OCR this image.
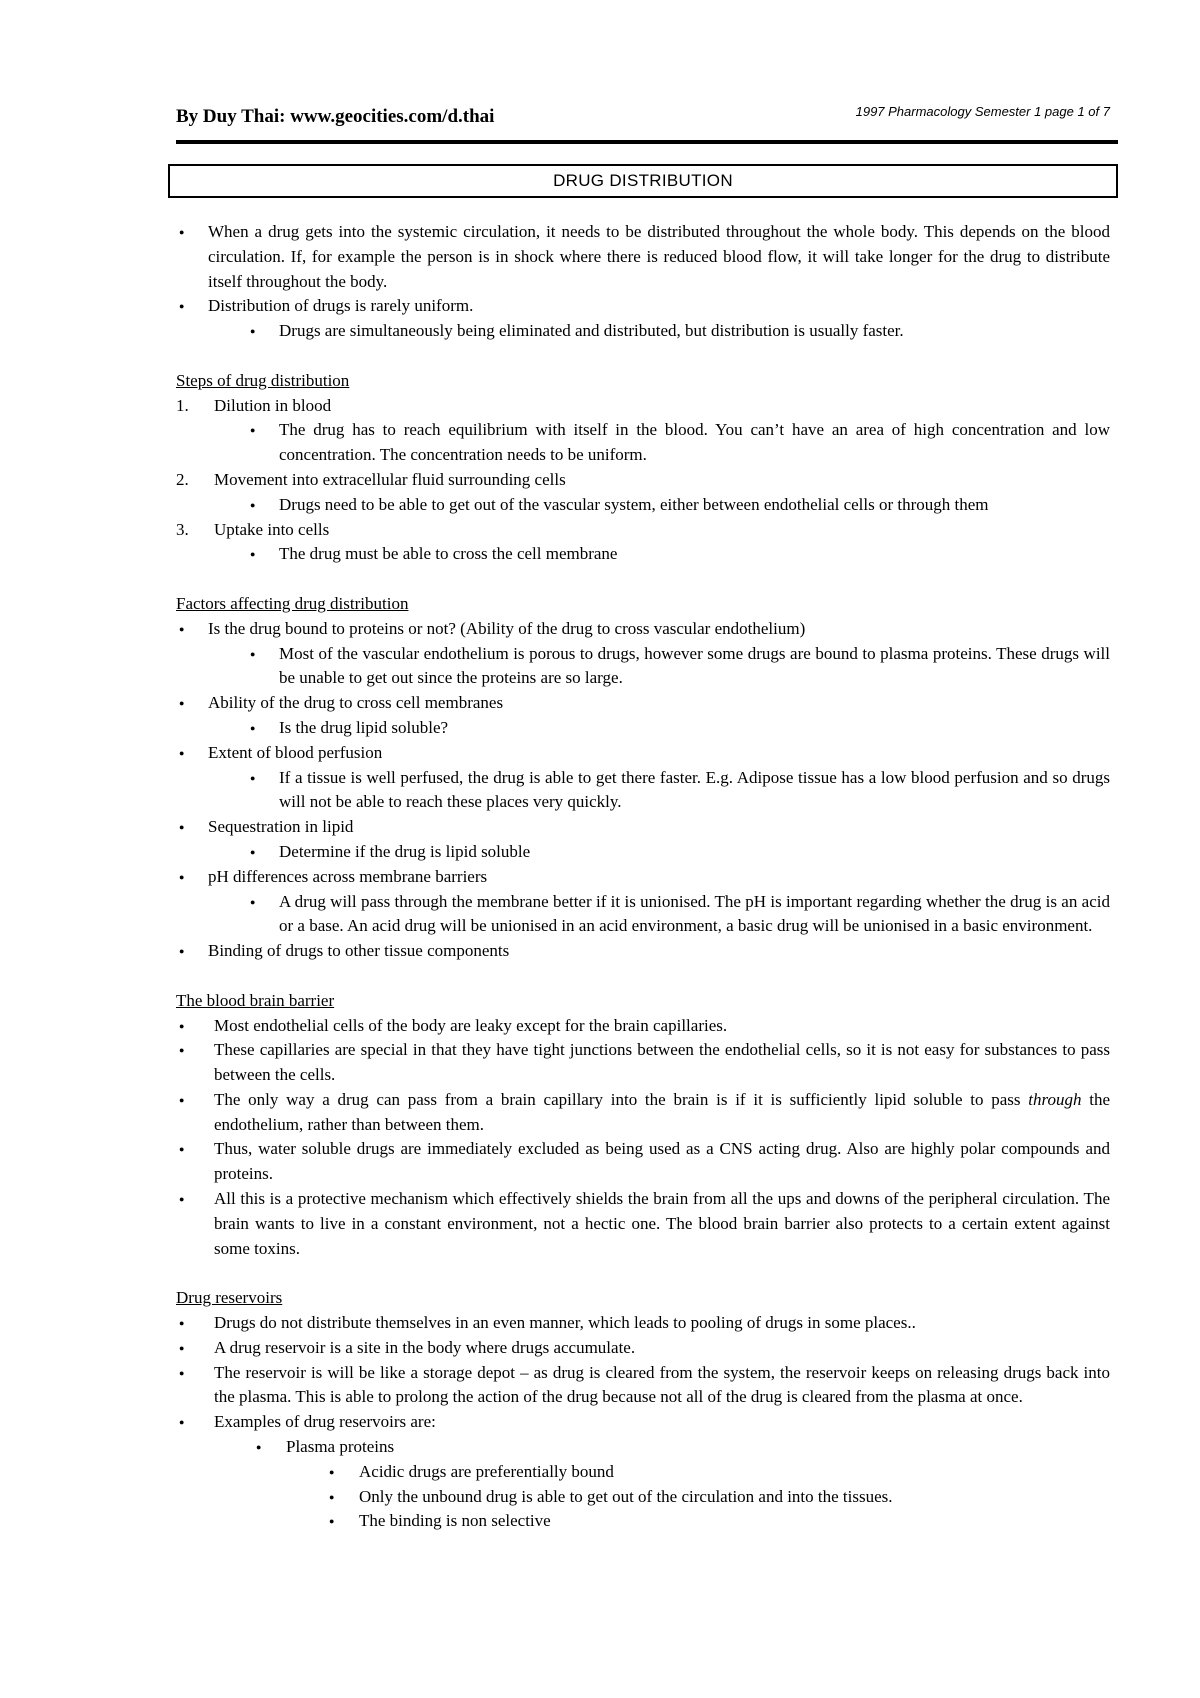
By Duy Thai: www.geocities.com/d.thai	1997 Pharmacology Semester 1 page 1 of 7
DRUG DISTRIBUTION
● When a drug gets into the systemic circulation, it needs to be distributed throughout the whole body. This depends on the blood circulation. If, for example the person is in shock where there is reduced blood flow, it will take longer for the drug to distribute itself throughout the body.
● Distribution of drugs is rarely uniform.
● Drugs are simultaneously being eliminated and distributed, but distribution is usually faster.
Steps of drug distribution
1. Dilution in blood
● The drug has to reach equilibrium with itself in the blood. You can’t have an area of high concentration and low concentration. The concentration needs to be uniform.
2. Movement into extracellular fluid surrounding cells
● Drugs need to be able to get out of the vascular system, either between endothelial cells or through them
3. Uptake into cells
● The drug must be able to cross the cell membrane
Factors affecting drug distribution
● Is the drug bound to proteins or not? (Ability of the drug to cross vascular endothelium)
● Most of the vascular endothelium is porous to drugs, however some drugs are bound to plasma proteins. These drugs will be unable to get out since the proteins are so large.
● Ability of the drug to cross cell membranes
● Is the drug lipid soluble?
● Extent of blood perfusion
● If a tissue is well perfused, the drug is able to get there faster. E.g. Adipose tissue has a low blood perfusion and so drugs will not be able to reach these places very quickly.
● Sequestration in lipid
● Determine if the drug is lipid soluble
● pH differences across membrane barriers
● A drug will pass through the membrane better if it is unionised. The pH is important regarding whether the drug is an acid or a base. An acid drug will be unionised in an acid environment, a basic drug will be unionised in a basic environment.
● Binding of drugs to other tissue components
The blood brain barrier
● Most endothelial cells of the body are leaky except for the brain capillaries.
● These capillaries are special in that they have tight junctions between the endothelial cells, so it is not easy for substances to pass between the cells.
● The only way a drug can pass from a brain capillary into the brain is if it is sufficiently lipid soluble to pass through the endothelium, rather than between them.
● Thus, water soluble drugs are immediately excluded as being used as a CNS acting drug. Also are highly polar compounds and proteins.
● All this is a protective mechanism which effectively shields the brain from all the ups and downs of the peripheral circulation. The brain wants to live in a constant environment, not a hectic one. The blood brain barrier also protects to a certain extent against some toxins.
Drug reservoirs
● Drugs do not distribute themselves in an even manner, which leads to pooling of drugs in some places..
● A drug reservoir is a site in the body where drugs accumulate.
● The reservoir is will be like a storage depot – as drug is cleared from the system, the reservoir keeps on releasing drugs back into the plasma. This is able to prolong the action of the drug because not all of the drug is cleared from the plasma at once.
● Examples of drug reservoirs are:
● Plasma proteins
● Acidic drugs are preferentially bound
● Only the unbound drug is able to get out of the circulation and into the tissues.
● The binding is non selective
